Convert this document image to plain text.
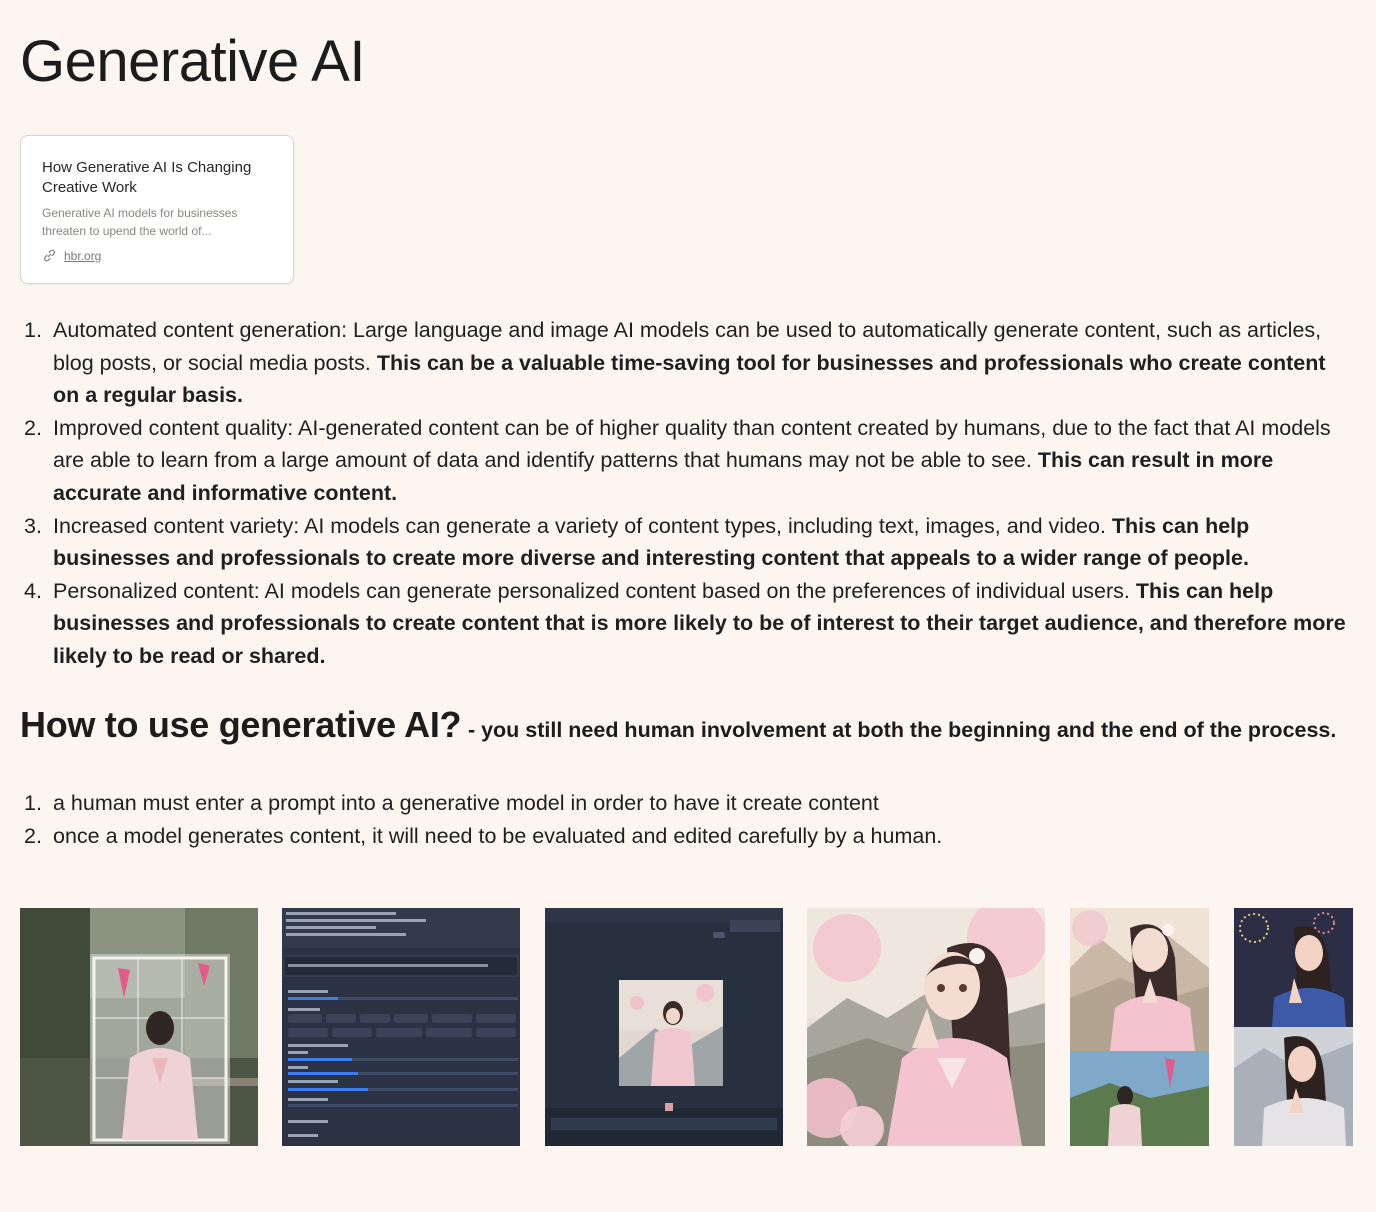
Generative AI
How Generative AI Is Changing Creative Work
Generative AI models for businesses threaten to upend the world of...
hbr.org
1. Automated content generation: Large language and image AI models can be used to automatically generate content, such as articles, blog posts, or social media posts. This can be a valuable time-saving tool for businesses and professionals who create content on a regular basis.
2. Improved content quality: AI-generated content can be of higher quality than content created by humans, due to the fact that AI models are able to learn from a large amount of data and identify patterns that humans may not be able to see. This can result in more accurate and informative content.
3. Increased content variety: AI models can generate a variety of content types, including text, images, and video. This can help businesses and professionals to create more diverse and interesting content that appeals to a wider range of people.
4. Personalized content: AI models can generate personalized content based on the preferences of individual users. This can help businesses and professionals to create content that is more likely to be of interest to their target audience, and therefore more likely to be read or shared.
How to use generative AI? - you still need human involvement at both the beginning and the end of the process.
1. a human must enter a prompt into a generative model in order to have it create content
2. once a model generates content, it will need to be evaluated and edited carefully by a human.
